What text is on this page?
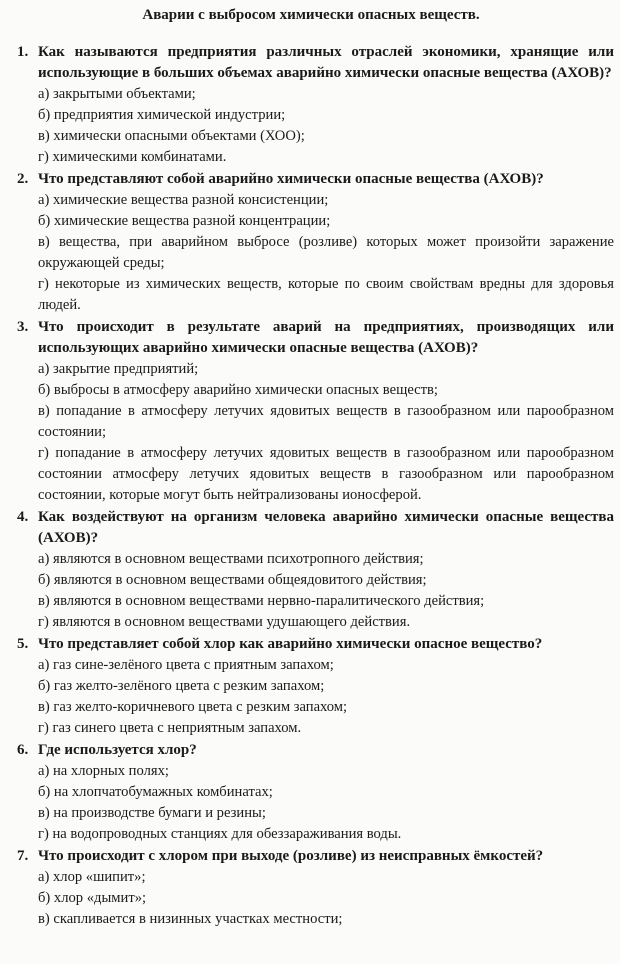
Аварии с выбросом химически опасных веществ.
1. Как называются предприятия различных отраслей экономики, хранящие или использующие в больших объемах аварийно химически опасные вещества (АХОВ)?

а) закрытыми объектами;
б) предприятия химической индустрии;
в) химически опасными объектами (ХОО);
г) химическими комбинатами.
2. Что представляют собой аварийно химически опасные вещества (АХОВ)?

а) химические вещества разной консистенции;
б) химические вещества разной концентрации;
в) вещества, при аварийном выбросе (розливе) которых может произойти заражение окружающей среды;
г) некоторые из химических веществ, которые по своим свойствам вредны для здоровья людей.
3. Что происходит в результате аварий на предприятиях, производящих или использующих аварийно химически опасные вещества (АХОВ)?

а) закрытие предприятий;
б) выбросы в атмосферу аварийно химически опасных веществ;
в) попадание в атмосферу летучих ядовитых веществ в газообразном или парообразном состоянии;
г) попадание в атмосферу летучих ядовитых веществ в газообразном или парообразном состоянии атмосферу летучих ядовитых веществ в газообразном или парообразном состоянии, которые могут быть нейтрализованы ионосферой.
4. Как воздействуют на организм человека аварийно химически опасные вещества (АХОВ)?

а) являются в основном веществами психотропного действия;
б) являются в основном веществами общеядовитого действия;
в) являются в основном веществами нервно-паралитического действия;
г) являются в основном веществами удушающего действия.
5. Что представляет собой хлор как аварийно химически опасное вещество?

а) газ сине-зелёного цвета с приятным запахом;
б) газ желто-зелёного цвета с резким запахом;
в) газ желто-коричневого цвета с резким запахом;
г) газ синего цвета с неприятным запахом.
6. Где используется хлор?

а) на хлорных полях;
б) на хлопчатобумажных комбинатах;
в) на производстве бумаги и резины;
г) на водопроводных станциях для обеззараживания воды.
7. Что происходит с хлором при выходе (розливе) из неисправных ёмкостей?

а) хлор «шипит»;
б) хлор «дымит»;
в) скапливается в низинных участках местности;
